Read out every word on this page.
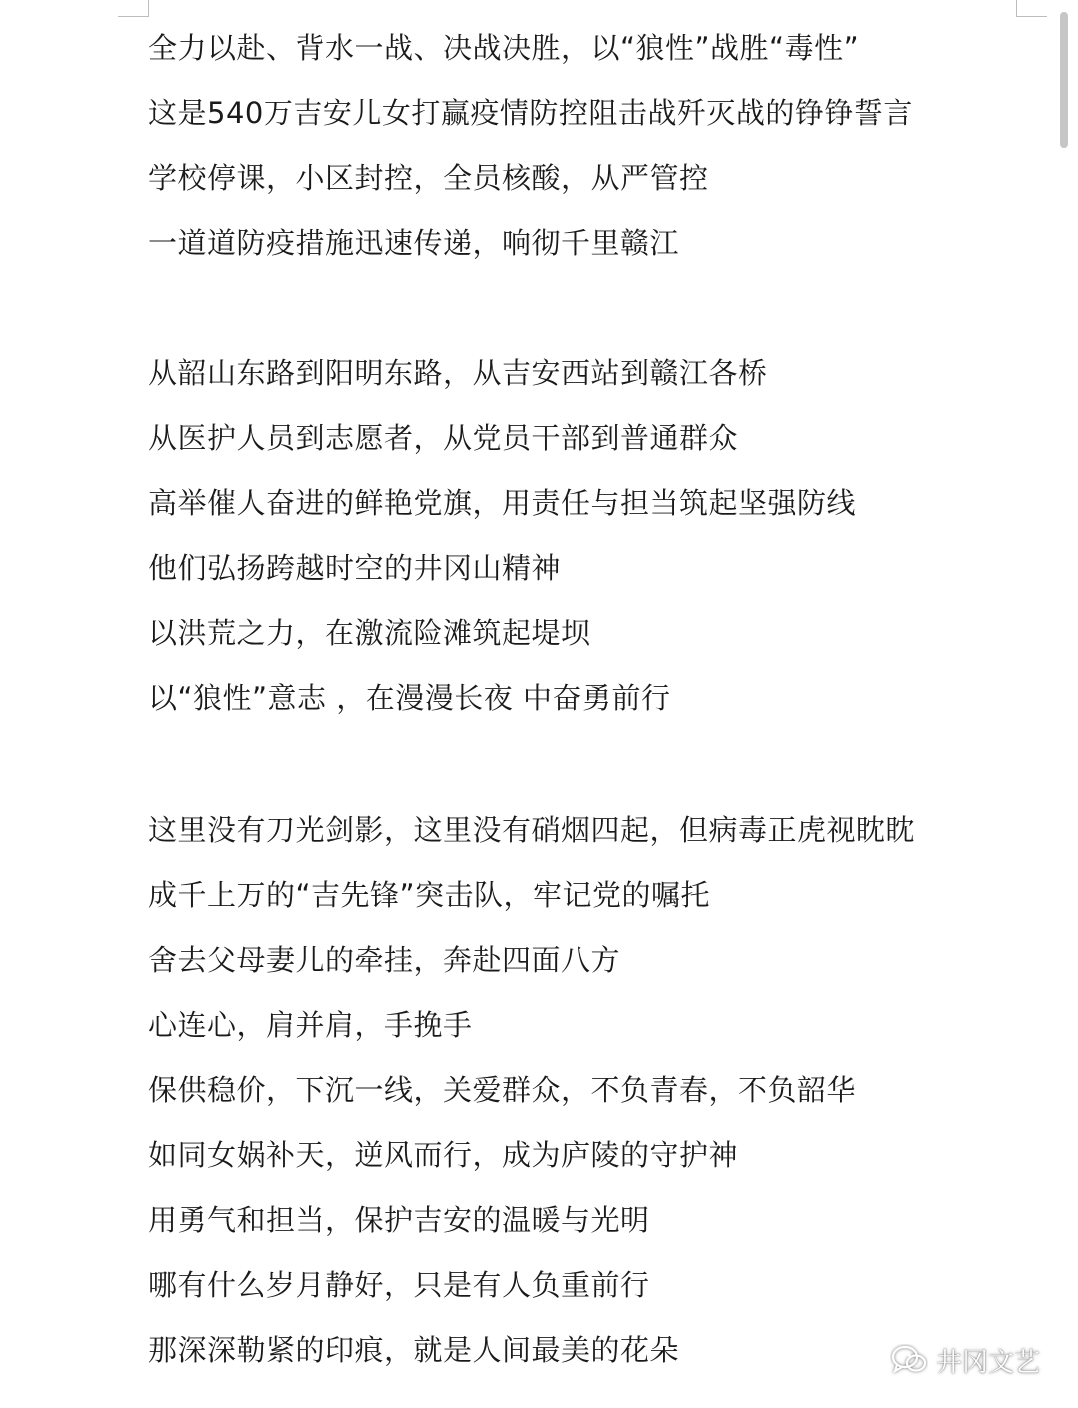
全力以赴、背水一战、决战决胜，以“狼性”战胜“毒性”
这是540万吉安儿女打赢疫情防控阻击战歼灭战的铮铮誓言
学校停课，小区封控，全员核酸，从严管控
一道道防疫措施迅速传递，响彻千里赣江
从韶山东路到阳明东路，从吉安西站到赣江各桥
从医护人员到志愿者，从党员干部到普通群众
高举催人奋进的鲜艳党旗，用责任与担当筑起坚强防线
他们弘扬跨越时空的井冈山精神
以洪荒之力，在激流险滩筑起堤坝
以“狼性”意志 ，在漫漫长夜 中奋勇前行
这里没有刀光剑影，这里没有硝烟四起，但病毒正虎视眈眈
成千上万的“吉先锋”突击队，牢记党的嘱托
舍去父母妻儿的牵挂，奔赴四面八方
心连心，肩并肩，手挽手
保供稳价，下沉一线，关爱群众，不负青春，不负韶华
如同女娲补天，逆风而行，成为庐陵的守护神
用勇气和担当，保护吉安的温暖与光明
哪有什么岁月静好，只是有人负重前行
那深深勒紧的印痕，就是人间最美的花朵	井冈文艺
